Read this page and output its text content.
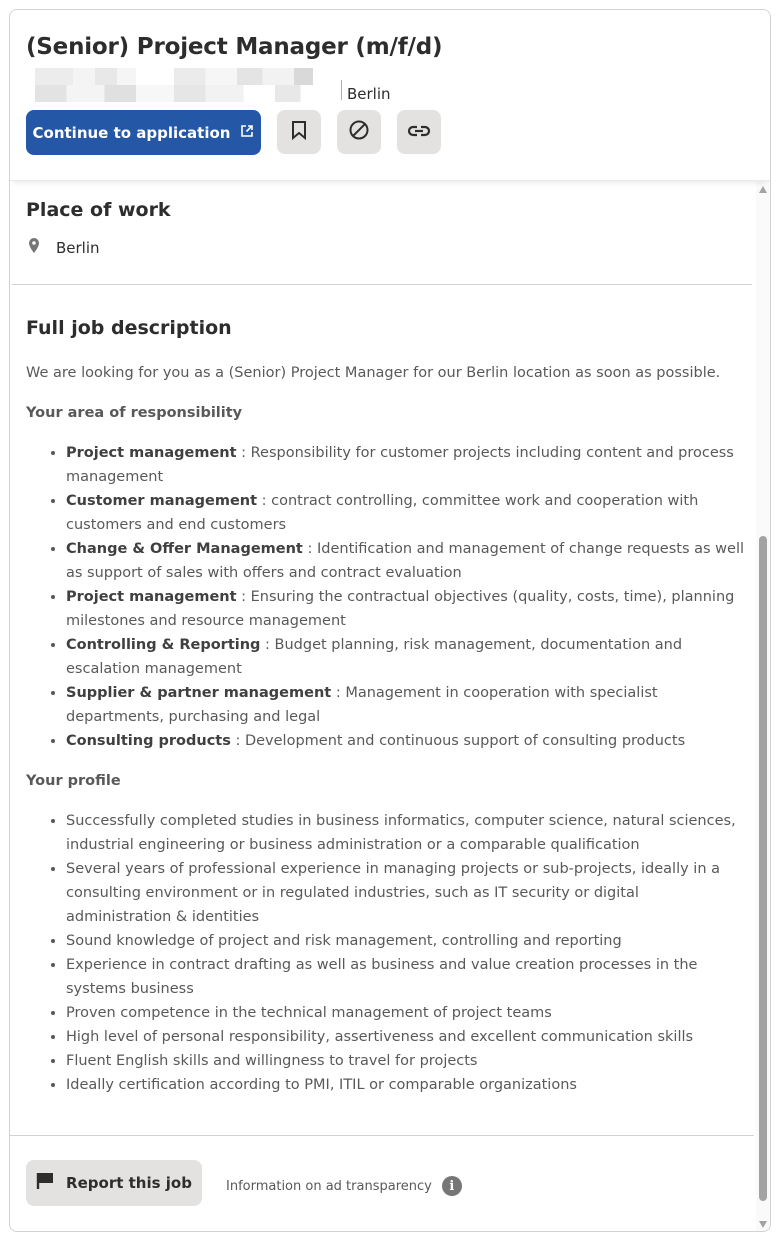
(Senior) Project Manager (m/f/d)
Berlin
Continue to application
Place of work
Berlin
Full job description

We are looking for you as a (Senior) Project Manager for our Berlin location as soon as possible.

Your area of responsibility
• Project management : Responsibility for customer projects including content and process management
• Customer management : contract controlling, committee work and cooperation with customers and end customers
• Change & Offer Management : Identification and management of change requests as well as support of sales with offers and contract evaluation
• Project management : Ensuring the contractual objectives (quality, costs, time), planning milestones and resource management
• Controlling & Reporting : Budget planning, risk management, documentation and escalation management
• Supplier & partner management : Management in cooperation with specialist departments, purchasing and legal
• Consulting products : Development and continuous support of consulting products
Your profile
• Successfully completed studies in business informatics, computer science, natural sciences, industrial engineering or business administration or a comparable qualification
• Several years of professional experience in managing projects or sub-projects, ideally in a consulting environment or in regulated industries, such as IT security or digital administration & identities
• Sound knowledge of project and risk management, controlling and reporting
• Experience in contract drafting as well as business and value creation processes in the systems business
• Proven competence in the technical management of project teams
• High level of personal responsibility, assertiveness and excellent communication skills
• Fluent English skills and willingness to travel for projects
• Ideally certification according to PMI, ITIL or comparable organizations
Report this job	Information on ad transparency	i
